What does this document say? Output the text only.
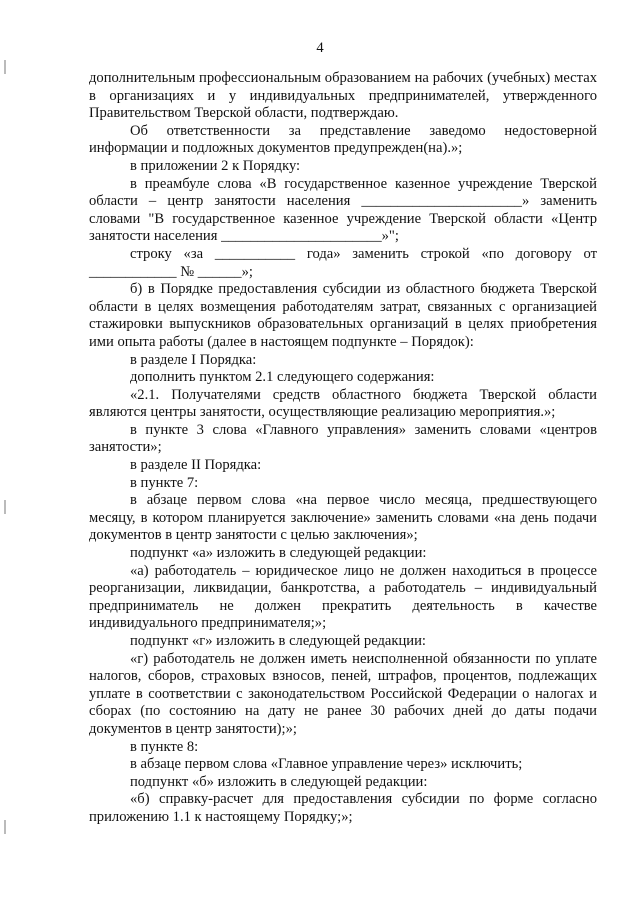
4

дополнительным профессиональным образованием на рабочих (учебных) местах в организациях и у индивидуальных предпринимателей, утвержденного Правительством Тверской области, подтверждаю.

Об ответственности за представление заведомо недостоверной информации и подложных документов предупрежден(на).»;

в приложении 2 к Порядку:

в преамбуле слова «В государственное казенное учреждение Тверской области – центр занятости населения ______________________» заменить словами "В государственное казенное учреждение Тверской области «Центр занятости населения ______________________»";

строку «за ___________ года» заменить строкой «по договору от ____________ № ______»;

б) в Порядке предоставления субсидии из областного бюджета Тверской области в целях возмещения работодателям затрат, связанных с организацией стажировки выпускников образовательных организаций в целях приобретения ими опыта работы (далее в настоящем подпункте – Порядок):

в разделе I Порядка:

дополнить пунктом 2.1 следующего содержания:

«2.1. Получателями средств областного бюджета Тверской области являются центры занятости, осуществляющие реализацию мероприятия.»;

в пункте 3 слова «Главного управления» заменить словами «центров занятости»;

в разделе II Порядка:

в пункте 7:

в абзаце первом слова «на первое число месяца, предшествующего месяцу, в котором планируется заключение» заменить словами «на день подачи документов в центр занятости с целью заключения»;

подпункт «а» изложить в следующей редакции:

«а) работодатель – юридическое лицо не должен находиться в процессе реорганизации, ликвидации, банкротства, а работодатель – индивидуальный предприниматель не должен прекратить деятельность в качестве индивидуального предпринимателя;»;

подпункт «г» изложить в следующей редакции:

«г) работодатель не должен иметь неисполненной обязанности по уплате налогов, сборов, страховых взносов, пеней, штрафов, процентов, подлежащих уплате в соответствии с законодательством Российской Федерации о налогах и сборах (по состоянию на дату не ранее 30 рабочих дней до даты подачи документов в центр занятости);»;

в пункте 8:

в абзаце первом слова «Главное управление через» исключить;

подпункт «б» изложить в следующей редакции:

«б) справку-расчет для предоставления субсидии по форме согласно приложению 1.1 к настоящему Порядку;»;
